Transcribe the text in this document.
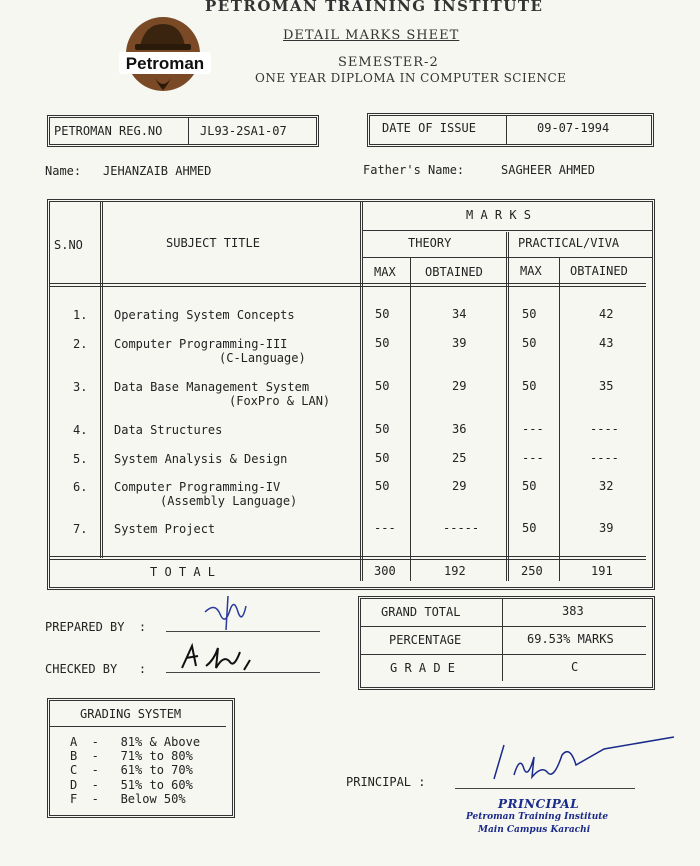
PETROMAN TRAINING INSTITUTE
DETAIL MARKS SHEET
SEMESTER-2
ONE YEAR DIPLOMA IN COMPUTER SCIENCE
Petroman
PETROMAN REG.NO	JL93-2SA1-07	DATE OF ISSUE	09-07-1994
Name: JEHANZAIB AHMED	Father's Name:	SAGHEER AHMED
S.NO	SUBJECT TITLE
M A R K S
THEORY	PRACTICAL/VIVA
MAX OBTAINED	MAX OBTAINED
1. Operating System Concepts	50	34	50	42
2. Computer Programming-III
(C-Language)
50	39	50	43
3. Data Base Management System
(FoxPro & LAN)
50	29	50	35
4. Data Structures	50	36	---	----
5. System Analysis & Design	50	25	---	----
6. Computer Programming-IV
(Assembly Language)
50	29	50	32
7. System Project	---	-----	50	39
T O T A L	300	192	250	191
GRAND TOTAL	383
PERCENTAGE	69.53% MARKS
G R A D E	C
PREPARED BY  :
CHECKED BY   :
GRADING SYSTEM
A  -   81% & Above
B  -   71% to 80%
C  -   61% to 70%
D  -   51% to 60%
F  -   Below 50%
PRINCIPAL :
PRINCIPAL
Petroman Training Institute
Main Campus Karachi
